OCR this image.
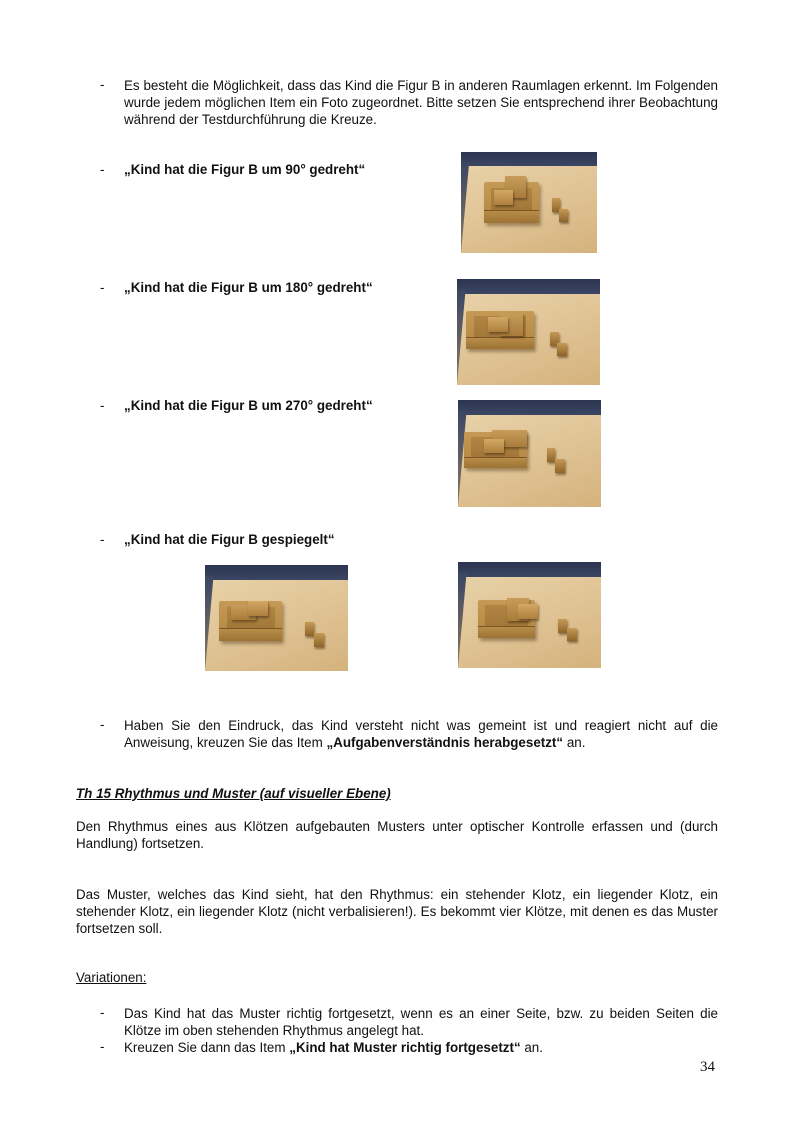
-	Es besteht die Möglichkeit, dass das Kind die Figur B in anderen Raumlagen erkennt. Im Folgenden wurde jedem möglichen Item ein Foto zugeordnet. Bitte setzen Sie entsprechend ihrer Beobachtung während der Testdurchführung die Kreuze.
-	„Kind hat die Figur B um 90° gedreht“
-	„Kind hat die Figur B um 180° gedreht“
-	„Kind hat die Figur B um 270° gedreht“
-	„Kind hat die Figur B gespiegelt“
-	Haben Sie den Eindruck, das Kind versteht nicht was gemeint ist und reagiert nicht auf die Anweisung, kreuzen Sie das Item „Aufgabenverständnis herabgesetzt“ an.
Th 15 Rhythmus und Muster (auf visueller Ebene)
Den Rhythmus eines aus Klötzen aufgebauten Musters unter optischer Kontrolle erfassen und (durch Handlung) fortsetzen.
Das Muster, welches das Kind sieht, hat den Rhythmus: ein stehender Klotz, ein liegender Klotz, ein stehender Klotz, ein liegender Klotz (nicht verbalisieren!). Es bekommt vier Klötze, mit denen es das Muster fortsetzen soll.
Variationen:
-	Das Kind hat das Muster richtig fortgesetzt, wenn es an einer Seite, bzw. zu beiden Seiten die Klötze im oben stehenden Rhythmus angelegt hat.
-	Kreuzen Sie dann das Item „Kind hat Muster richtig fortgesetzt“ an.
34
